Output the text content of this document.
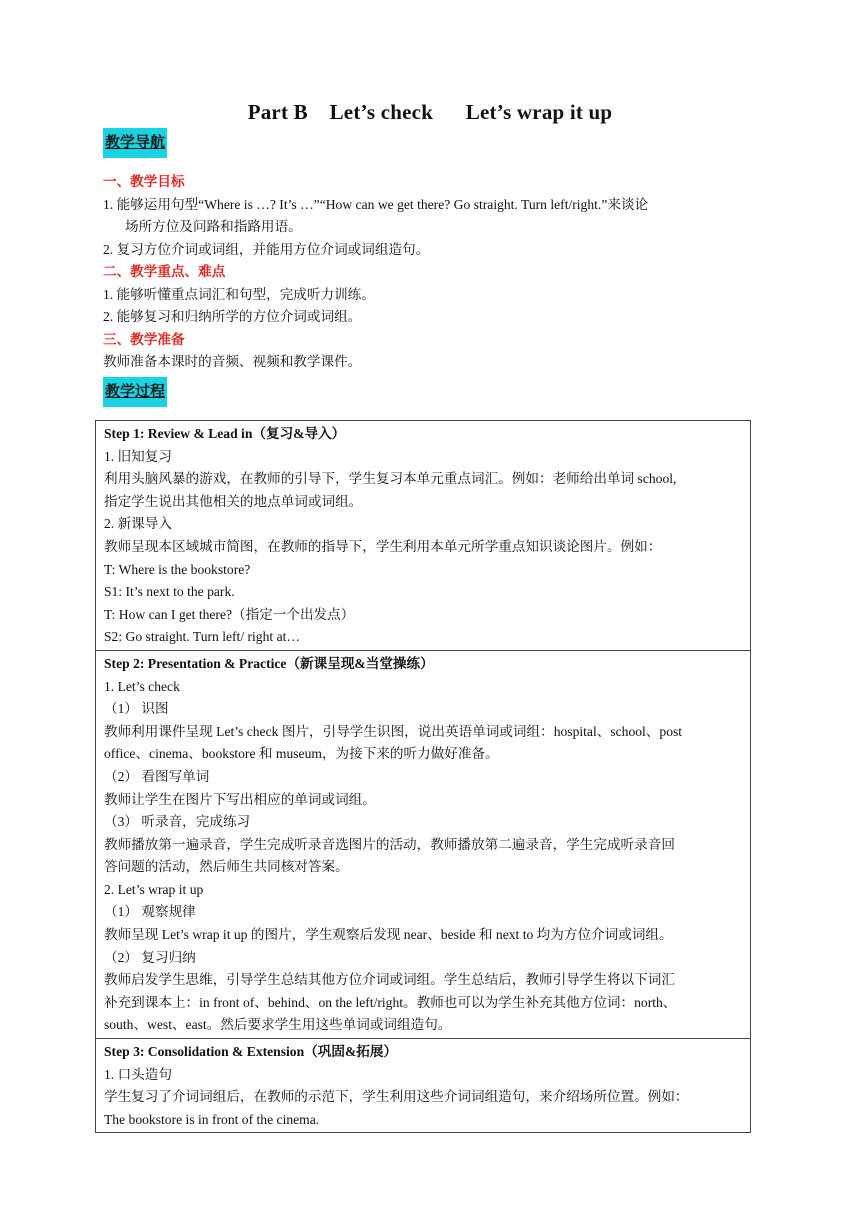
Part B    Let’s check      Let’s wrap it up
教学导航
一、教学目标
1. 能够运用句型“Where is …? It’s …”“How can we get there? Go straight. Turn left/right.”来谈论
场所方位及问路和指路用语。
2. 复习方位介词或词组，并能用方位介词或词组造句。
二、教学重点、难点
1. 能够听懂重点词汇和句型，完成听力训练。
2. 能够复习和归纳所学的方位介词或词组。
三、教学准备
教师准备本课时的音频、视频和教学课件。
教学过程
Step 1: Review & Lead in（复习&导入）
1. 旧知复习
利用头脑风暴的游戏，在教师的引导下，学生复习本单元重点词汇。例如：老师给出单词 school,
指定学生说出其他相关的地点单词或词组。
2. 新课导入
教师呈现本区域城市简图，在教师的指导下，学生利用本单元所学重点知识谈论图片。例如：
T: Where is the bookstore?
S1: It’s next to the park.
T: How can I get there?（指定一个出发点）
S2: Go straight. Turn left/ right at…
Step 2: Presentation & Practice（新课呈现&当堂操练）
1. Let’s check
（1） 识图
教师利用课件呈现 Let’s check 图片，引导学生识图，说出英语单词或词组：hospital、school、post
office、cinema、bookstore 和 museum，为接下来的听力做好准备。
（2） 看图写单词
教师让学生在图片下写出相应的单词或词组。
（3） 听录音，完成练习
教师播放第一遍录音，学生完成听录音选图片的活动，教师播放第二遍录音，学生完成听录音回
答问题的活动，然后师生共同核对答案。
2. Let’s wrap it up
（1） 观察规律
教师呈现 Let’s wrap it up 的图片，学生观察后发现 near、beside 和 next to 均为方位介词或词组。
（2） 复习归纳
教师启发学生思维，引导学生总结其他方位介词或词组。学生总结后，教师引导学生将以下词汇
补充到课本上：in front of、behind、on the left/right。教师也可以为学生补充其他方位词：north、
south、west、east。然后要求学生用这些单词或词组造句。
Step 3: Consolidation & Extension（巩固&拓展）
1. 口头造句
学生复习了介词词组后，在教师的示范下，学生利用这些介词词组造句，来介绍场所位置。例如：
The bookstore is in front of the cinema.
